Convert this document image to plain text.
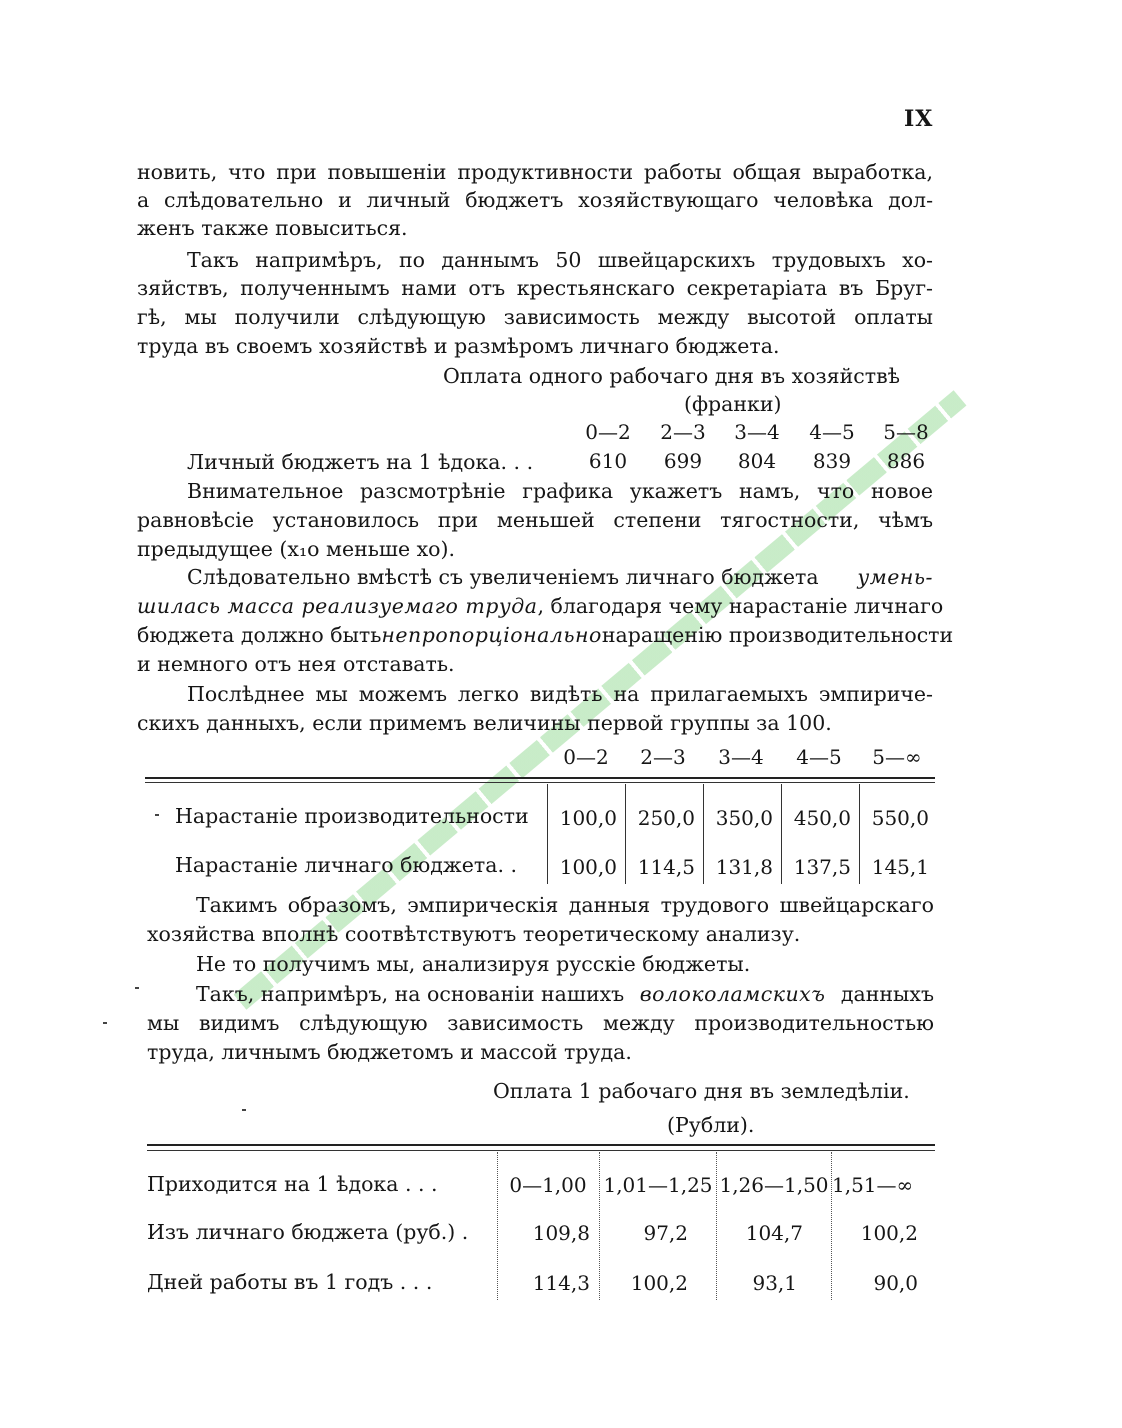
IX
новить, что при повышеніи продуктивности работы общая выработка,
а слѣдовательно и личный бюджетъ хозяйствующаго человѣка дол-
женъ также повыситься.
Такъ напримѣръ, по даннымъ 50 швейцарскихъ трудовыхъ хо-
зяйствъ, полученнымъ нами отъ крестьянскаго секретаріата въ Бруг-
гѣ, мы получили слѣдующую зависимость между высотой оплаты
труда въ своемъ хозяйствѣ и размѣромъ личнаго бюджета.
Оплата одного рабочаго дня въ хозяйствѣ
(франки)
0—2	2—3	3—4	4—5	5—8
Личный бюджетъ на 1 ѣдока. . .	610	699	804	839	886
Внимательное разсмотрѣніе графика укажетъ намъ, что новое
равновѣсіе установилось при меньшей степени тягостности, чѣмъ
предыдущее (x₁o меньше xo).
Слѣдовательно вмѣстѣ съ увеличеніемъ личнаго бюджета умень-
шилась масса реализуемаго труда , благодаря чему нарастаніе личнаго
бюджета должно быть непропорціонально наращенію производительности
и немного отъ нея отставать.
Послѣднее мы можемъ легко видѣть на прилагаемыхъ эмпириче-
скихъ данныхъ, если примемъ величины первой группы за 100.
0—2	2—3	3—4	4—5	5—∞
Нарастаніе производительности	100,0	250,0	350,0	450,0	550,0
Нарастаніе личнаго бюджета. .	100,0	114,5	131,8	137,5	145,1
Такимъ образомъ, эмпирическія данныя трудового швейцарскаго
хозяйства вполнѣ соотвѣтствуютъ теоретическому анализу.
Не то получимъ мы, анализируя русскіе бюджеты.
Такъ, напримѣръ, на основаніи нашихъ волоколамскихъ данныхъ
мы видимъ слѣдующую зависимость между производительностью
труда, личнымъ бюджетомъ и массой труда.
Оплата 1 рабочаго дня въ земледѣліи.
(Рубли).
Приходится на 1 ѣдока . . .	0—1,00 1,01—1,25 1,26—1,50 1,51—∞
Изъ личнаго бюджета (руб.) .	109,8	97,2	104,7	100,2
Дней работы въ 1 годъ . . .	114,3	100,2	93,1	90,0
